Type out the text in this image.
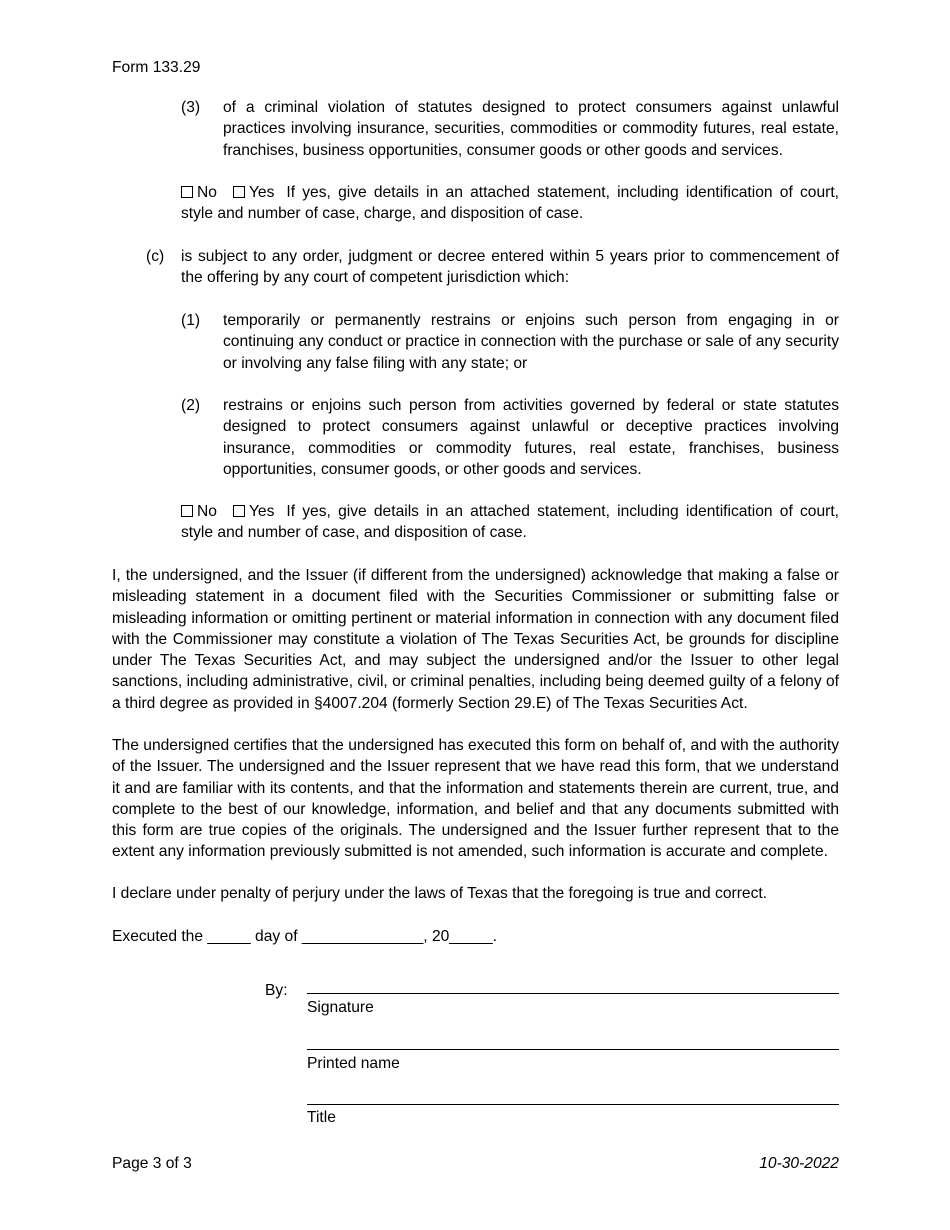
Form 133.29
(3) of a criminal violation of statutes designed to protect consumers against unlawful practices involving insurance, securities, commodities or commodity futures, real estate, franchises, business opportunities, consumer goods or other goods and services.
No Yes If yes, give details in an attached statement, including identification of court, style and number of case, charge, and disposition of case.
(c) is subject to any order, judgment or decree entered within 5 years prior to commencement of the offering by any court of competent jurisdiction which:
(1) temporarily or permanently restrains or enjoins such person from engaging in or continuing any conduct or practice in connection with the purchase or sale of any security or involving any false filing with any state; or
(2) restrains or enjoins such person from activities governed by federal or state statutes designed to protect consumers against unlawful or deceptive practices involving insurance, commodities or commodity futures, real estate, franchises, business opportunities, consumer goods, or other goods and services.
No Yes If yes, give details in an attached statement, including identification of court, style and number of case, and disposition of case.
I, the undersigned, and the Issuer (if different from the undersigned) acknowledge that making a false or misleading statement in a document filed with the Securities Commissioner or submitting false or misleading information or omitting pertinent or material information in connection with any document filed with the Commissioner may constitute a violation of The Texas Securities Act, be grounds for discipline under The Texas Securities Act, and may subject the undersigned and/or the Issuer to other legal sanctions, including administrative, civil, or criminal penalties, including being deemed guilty of a felony of a third degree as provided in §4007.204 (formerly Section 29.E) of The Texas Securities Act.
The undersigned certifies that the undersigned has executed this form on behalf of, and with the authority of the Issuer. The undersigned and the Issuer represent that we have read this form, that we understand it and are familiar with its contents, and that the information and statements therein are current, true, and complete to the best of our knowledge, information, and belief and that any documents submitted with this form are true copies of the originals. The undersigned and the Issuer further represent that to the extent any information previously submitted is not amended, such information is accurate and complete.
I declare under penalty of perjury under the laws of Texas that the foregoing is true and correct.
Executed the _____ day of ______________, 20_____.
By:
Signature
Printed name
Title
Page 3 of 3	10-30-2022
